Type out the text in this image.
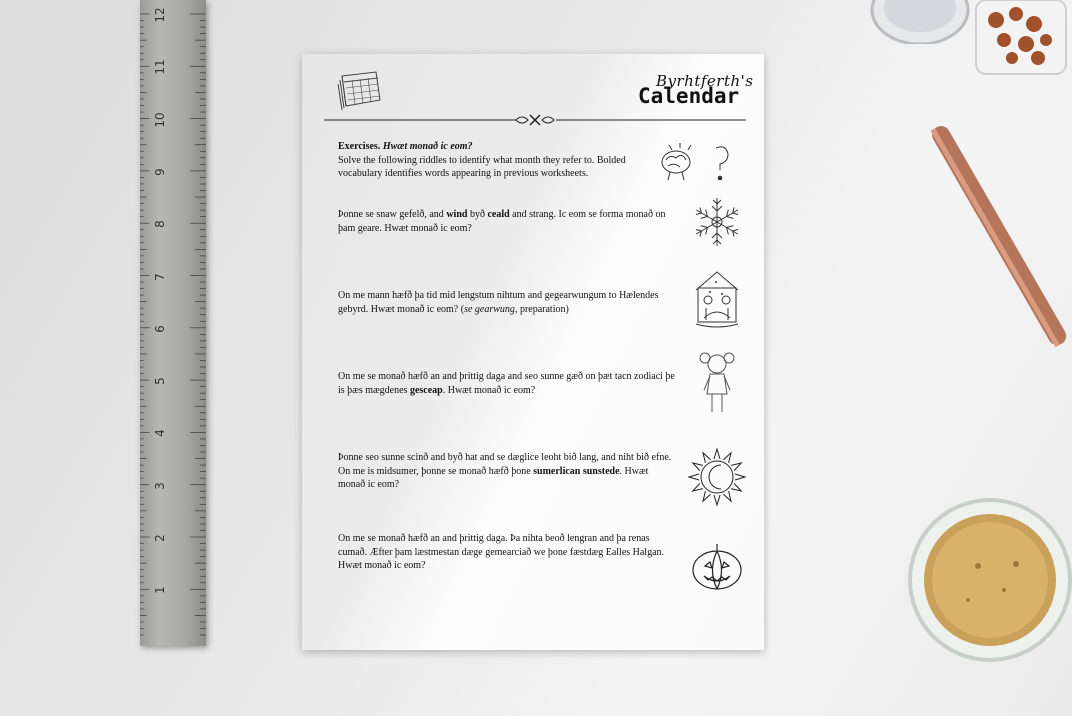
12
11
10
9
8
7
6
5
4
3
2
1
Byrhtferth's
Calendar
Exercises. Hwæt monað ic eom?
Solve the following riddles to identify what month they refer to. Bolded vocabulary identifies words appearing in previous worksheets.
Þonne se snaw gefelð, and wind byð ceald and strang. Ic eom se forma monað on þam geare. Hwæt monað ic eom?
On me mann hæfð þa tid mid lengstum nihtum and gegearwungum to Hælendes gebyrd. Hwæt monað ic eom? (se gearwung, preparation)
On me se monað hæfð an and þrittig daga and seo sunne gæð on þæt tacn zodiaci þe is þæs mægdenes gesceap. Hwæt monað ic eom?
Þonne seo sunne scinð and byð hat and se dæglice leoht bið lang, and niht bið efne. On me is midsumer, þonne se monað hæfð þone sumerlican sunstede. Hwæt monað ic eom?
On me se monað hæfð an and þrittig daga. Þa nihta beoð lengran and þa renas cumað. Æfter þam læstmestan dæge gemearciað we þone fæstdæg Ealles Halgan. Hwæt monað ic eom?
